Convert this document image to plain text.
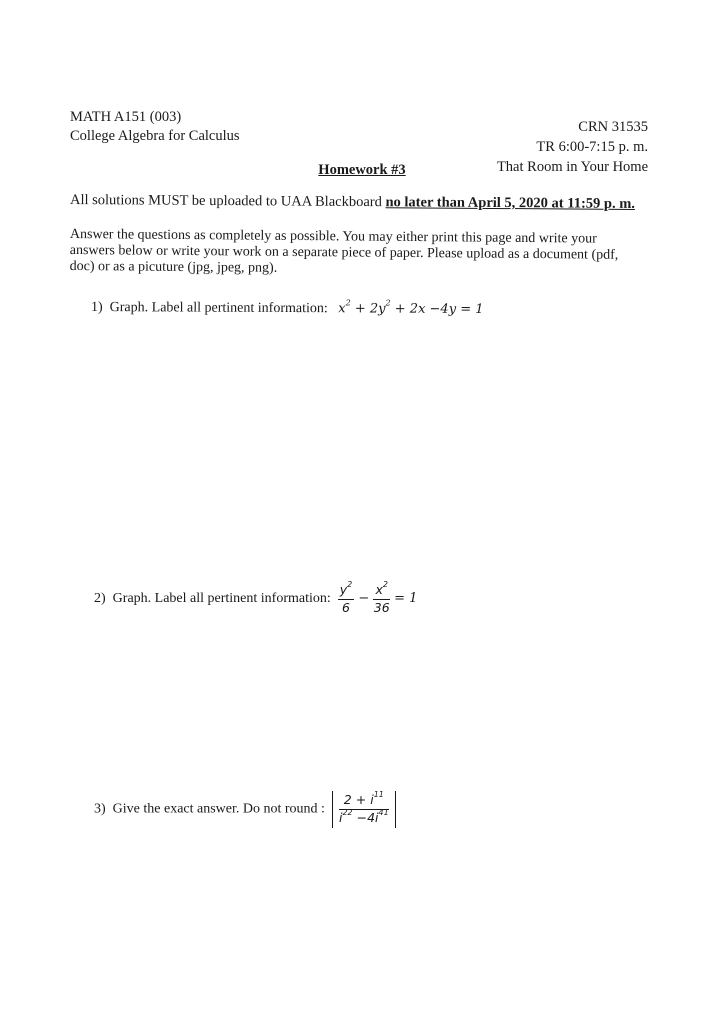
MATH A151 (003)
College Algebra for Calculus
CRN 31535
TR 6:00-7:15 p. m.
That Room in Your Home
Homework #3
All solutions MUST be uploaded to UAA Blackboard no later than April 5, 2020 at 11:59 p. m.
Answer the questions as completely as possible. You may either print this page and write your answers below or write your work on a separate piece of paper. Please upload as a document (pdf, doc) or as a picuture (jpg, jpeg, png).
1) Graph. Label all pertinent information: $x^2 + 2y^2 + 2x -4y = 1$
2) Graph. Label all pertinent information: $\frac{y^2}{6} - \frac{x^2}{36} = 1$
3) Give the exact answer. Do not round : $\frac{2 + i^{11}}{i^{22} -4i^{41}}$
